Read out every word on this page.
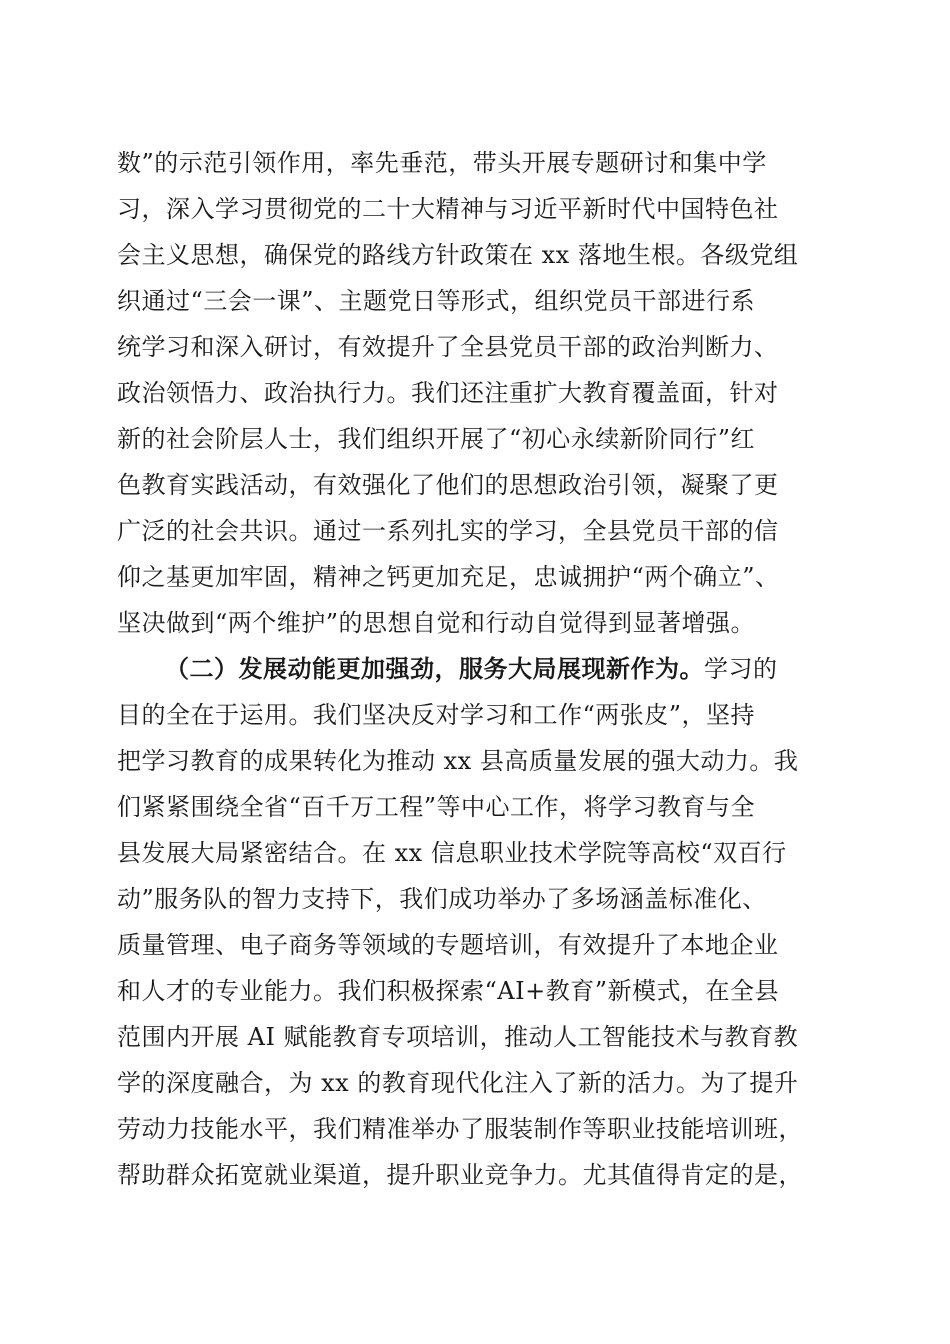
数”的示范引领作用，率先垂范，带头开展专题研讨和集中学
习，深入学习贯彻党的二十大精神与习近平新时代中国特色社
会主义思想，确保党的路线方针政策在 xx 落地生根。各级党组
织通过“三会一课”、主题党日等形式，组织党员干部进行系
统学习和深入研讨，有效提升了全县党员干部的政治判断力、
政治领悟力、政治执行力。我们还注重扩大教育覆盖面，针对
新的社会阶层人士，我们组织开展了“初心永续新阶同行”红
色教育实践活动，有效强化了他们的思想政治引领，凝聚了更
广泛的社会共识。通过一系列扎实的学习，全县党员干部的信
仰之基更加牢固，精神之钙更加充足，忠诚拥护“两个确立”、
坚决做到“两个维护”的思想自觉和行动自觉得到显著增强。
（二）发展动能更加强劲，服务大局展现新作为。学习的
目的全在于运用。我们坚决反对学习和工作“两张皮”，坚持
把学习教育的成果转化为推动 xx 县高质量发展的强大动力。我
们紧紧围绕全省“百千万工程”等中心工作，将学习教育与全
县发展大局紧密结合。在 xx 信息职业技术学院等高校“双百行
动”服务队的智力支持下，我们成功举办了多场涵盖标准化、
质量管理、电子商务等领域的专题培训，有效提升了本地企业
和人才的专业能力。我们积极探索“AI+教育”新模式，在全县
范围内开展 AI 赋能教育专项培训，推动人工智能技术与教育教
学的深度融合，为 xx 的教育现代化注入了新的活力。为了提升
劳动力技能水平，我们精准举办了服装制作等职业技能培训班，
帮助群众拓宽就业渠道，提升职业竞争力。尤其值得肯定的是，
